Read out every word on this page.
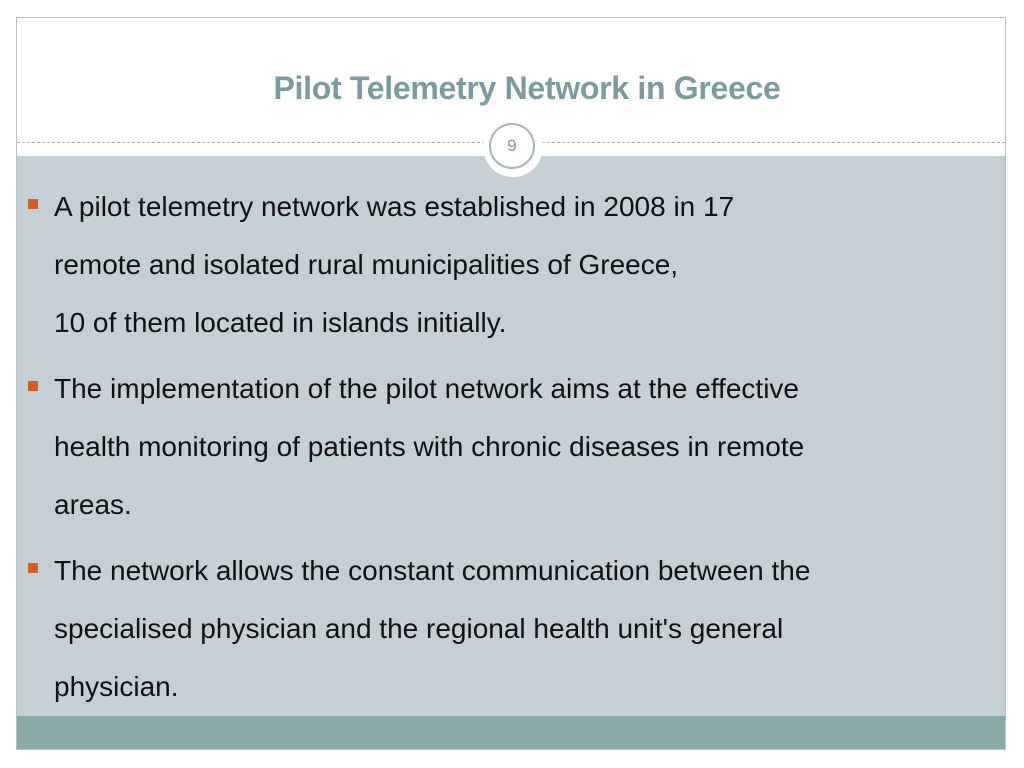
Pilot Telemetry Network in Greece
A pilot telemetry network was established in 2008 in 17
remote and isolated rural municipalities of Greece,
10 of them located in islands initially.
The implementation of the pilot network aims at the effective
health monitoring of patients with chronic diseases in remote
areas.
The network allows the constant communication between the
specialised physician and the regional health unit's general
physician.
9
